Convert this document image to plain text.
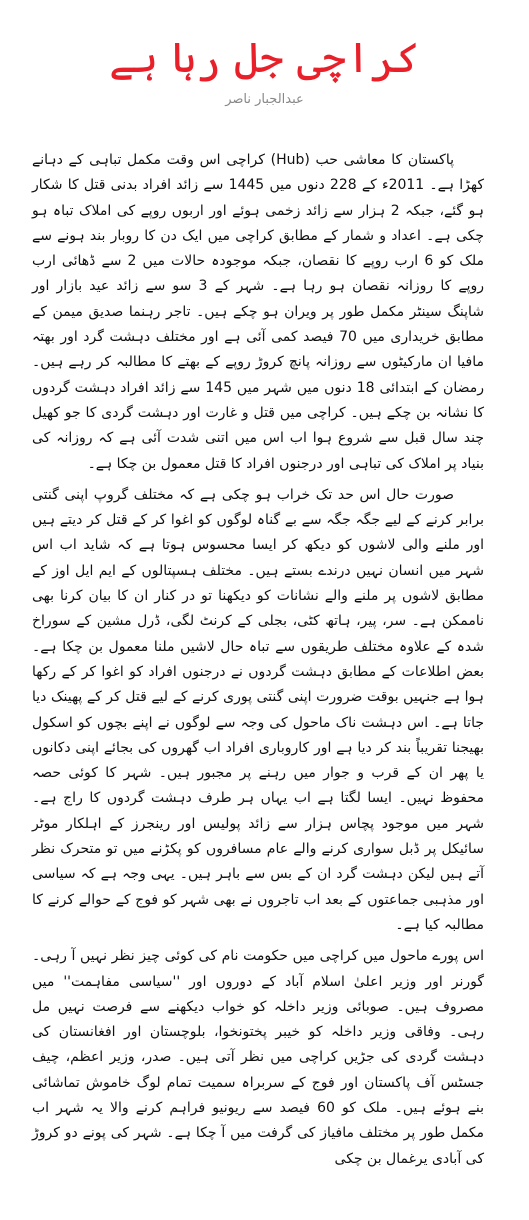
کراچی جل رہا ہے
عبدالجبار ناصر

پاکستان کا معاشی حب (Hub) کراچی اس وقت مکمل تباہی کے دہانے کھڑا ہے۔ 2011ء کے 228 دنوں میں 1445 سے زائد افراد بدنی قتل کا شکار ہو گئے، جبکہ 2 ہزار سے زائد زخمی ہوئے اور اربوں روپے کی املاک تباہ ہو چکی ہے۔ اعداد و شمار کے مطابق کراچی میں ایک دن کا روبار بند ہونے سے ملک کو 6 ارب روپے کا نقصان، جبکہ موجودہ حالات میں 2 سے ڈھائی ارب روپے کا روزانہ نقصان ہو رہا ہے۔ شہر کے 3 سو سے زائد عید بازار اور شاپنگ سینٹر مکمل طور پر ویران ہو چکے ہیں۔ تاجر رہنما صدیق میمن کے مطابق خریداری میں 70 فیصد کمی آئی ہے اور مختلف دہشت گرد اور بھتہ مافیا ان مارکیٹوں سے روزانہ پانچ کروڑ روپے کے بھتے کا مطالبہ کر رہے ہیں۔ رمضان کے ابتدائی 18 دنوں میں شہر میں 145 سے زائد افراد دہشت گردوں کا نشانہ بن چکے ہیں۔ کراچی میں قتل و غارت اور دہشت گردی کا جو کھیل چند سال قبل سے شروع ہوا اب اس میں اتنی شدت آئی ہے کہ روزانہ کی بنیاد پر املاک کی تباہی اور درجنوں افراد کا قتل معمول بن چکا ہے۔

صورت حال اس حد تک خراب ہو چکی ہے کہ مختلف گروپ اپنی گنتی برابر کرنے کے لیے جگہ جگہ سے بے گناہ لوگوں کو اغوا کر کے قتل کر دیتے ہیں اور ملنے والی لاشوں کو دیکھ کر ایسا محسوس ہوتا ہے کہ شاید اب اس شہر میں انسان نہیں درندے بستے ہیں۔ مختلف ہسپتالوں کے ایم ایل اوز کے مطابق لاشوں پر ملنے والے نشانات کو دیکھنا تو در کنار ان کا بیان کرنا بھی ناممکن ہے۔ سر، پیر، ہاتھ کٹی، بجلی کے کرنٹ لگی، ڈرل مشین کے سوراخ شدہ کے علاوہ مختلف طریقوں سے تباہ حال لاشیں ملنا معمول بن چکا ہے۔ بعض اطلاعات کے مطابق دہشت گردوں نے درجنوں افراد کو اغوا کر کے رکھا ہوا ہے جنہیں بوقت ضرورت اپنی گنتی پوری کرنے کے لیے قتل کر کے پھینک دیا جاتا ہے۔ اس دہشت ناک ماحول کی وجہ سے لوگوں نے اپنے بچوں کو اسکول بھیجنا تقریباً بند کر دیا ہے اور کاروباری افراد اب گھروں کی بجائے اپنی دکانوں یا پھر ان کے قرب و جوار میں رہنے پر مجبور ہیں۔ شہر کا کوئی حصہ محفوظ نہیں۔ ایسا لگتا ہے اب یہاں ہر طرف دہشت گردوں کا راج ہے۔ شہر میں موجود پچاس ہزار سے زائد پولیس اور رینجرز کے اہلکار موٹر سائیکل پر ڈبل سواری کرنے والے عام مسافروں کو پکڑنے میں تو متحرک نظر آتے ہیں لیکن دہشت گرد ان کے بس سے باہر ہیں۔ یہی وجہ ہے کہ سیاسی اور مذہبی جماعتوں کے بعد اب تاجروں نے بھی شہر کو فوج کے حوالے کرنے کا مطالبہ کیا ہے۔

اس پورے ماحول میں کراچی میں حکومت نام کی کوئی چیز نظر نہیں آ رہی۔ گورنر اور وزیر اعلیٰ اسلام آباد کے دوروں اور ''سیاسی مفاہمت'' میں مصروف ہیں۔ صوبائی وزیر داخلہ کو خواب دیکھنے سے فرصت نہیں مل رہی۔ وفاقی وزیر داخلہ کو خیبر پختونخوا، بلوچستان اور افغانستان کی دہشت گردی کی جڑیں کراچی میں نظر آتی ہیں۔ صدر، وزیر اعظم، چیف جسٹس آف پاکستان اور فوج کے سربراہ سمیت تمام لوگ خاموش تماشائی بنے ہوئے ہیں۔ ملک کو 60 فیصد سے ریونیو فراہم کرنے والا یہ شہر اب مکمل طور پر مختلف مافیاز کی گرفت میں آ چکا ہے۔ شہر کی پونے دو کروڑ کی آبادی یرغمال بن چکی
